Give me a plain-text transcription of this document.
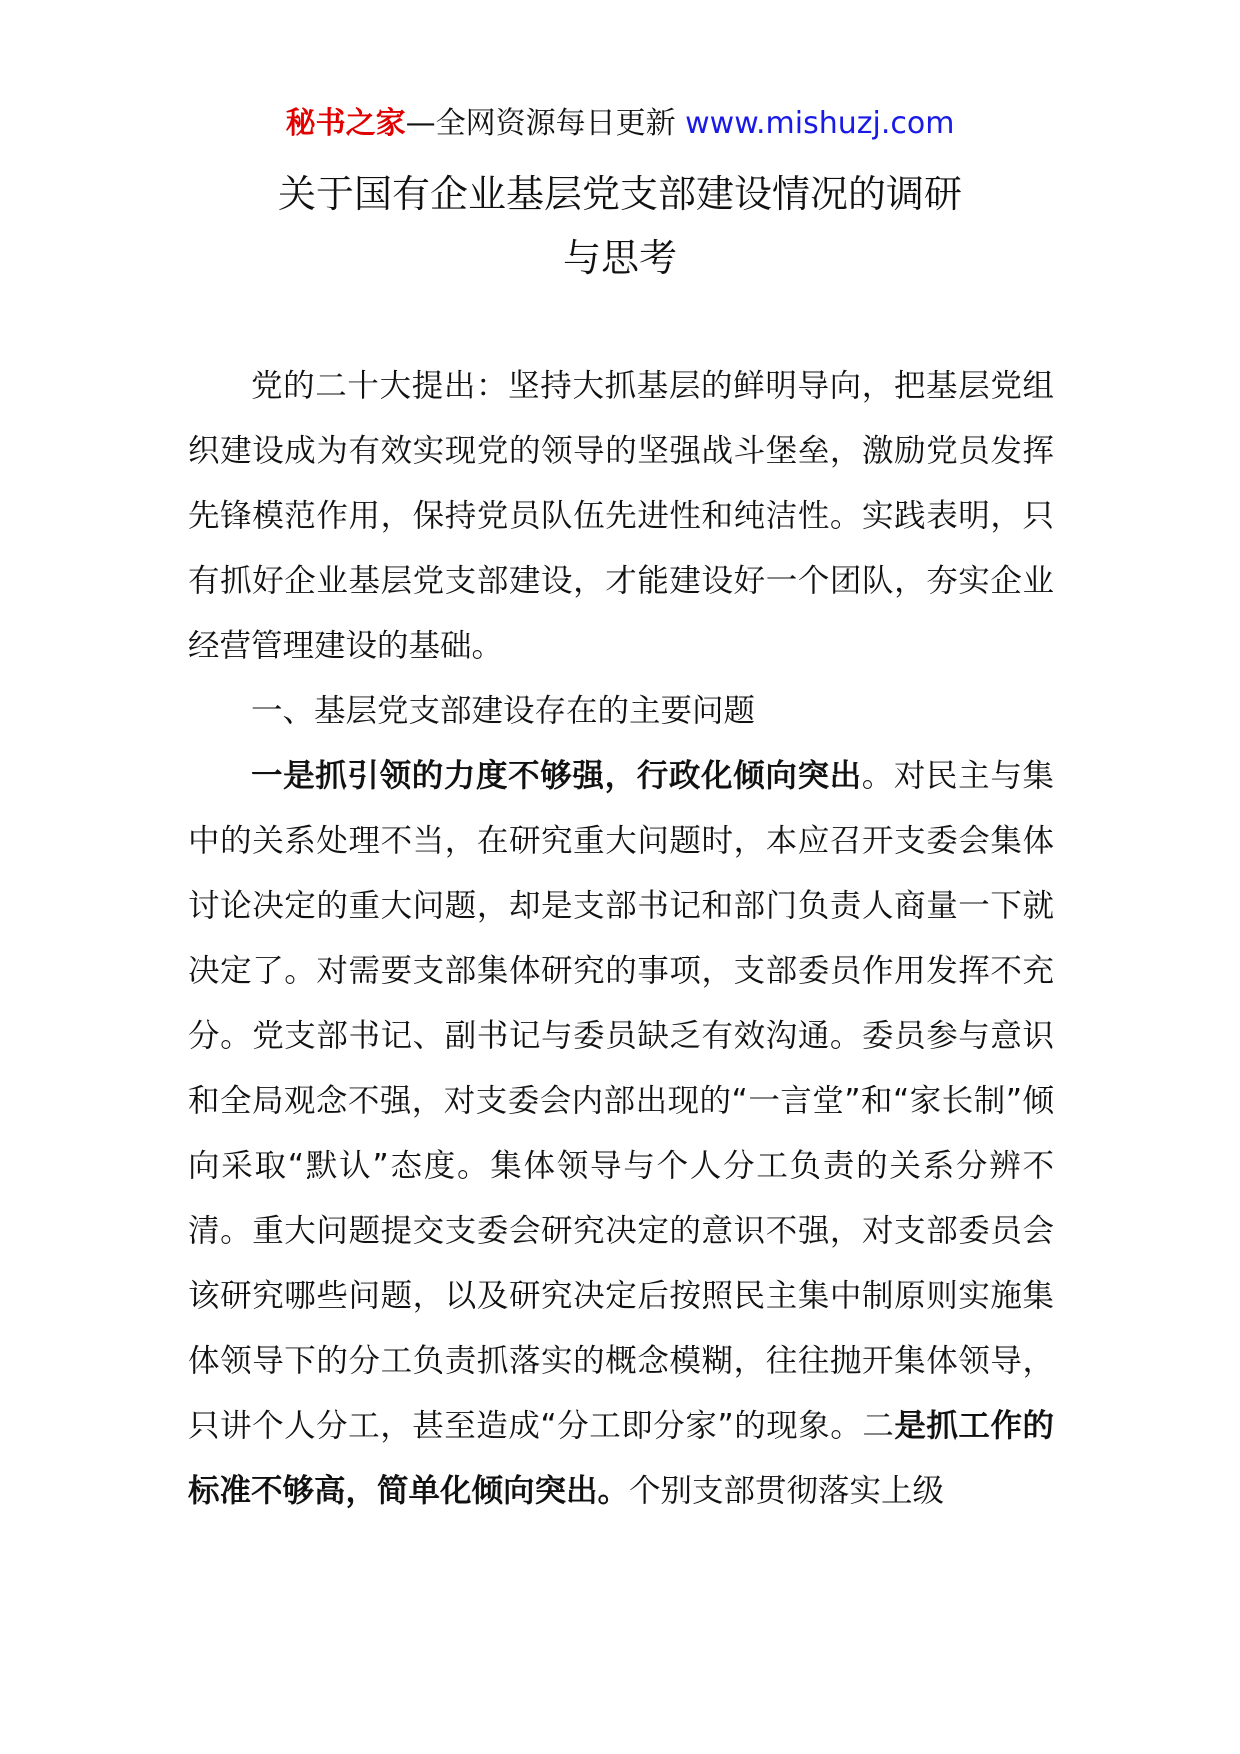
秘书之家—全网资源每日更新 www.mishuzj.com
关于国有企业基层党支部建设情况的调研
与思考

党的二十大提出：坚持大抓基层的鲜明导向，把基层党组织建设成为有效实现党的领导的坚强战斗堡垒，激励党员发挥先锋模范作用，保持党员队伍先进性和纯洁性。实践表明，只有抓好企业基层党支部建设，才能建设好一个团队，夯实企业经营管理建设的基础。

一、基层党支部建设存在的主要问题

一是抓引领的力度不够强，行政化倾向突出。对民主与集中的关系处理不当，在研究重大问题时，本应召开支委会集体讨论决定的重大问题，却是支部书记和部门负责人商量一下就决定了。对需要支部集体研究的事项，支部委员作用发挥不充分。党支部书记、副书记与委员缺乏有效沟通。委员参与意识和全局观念不强，对支委会内部出现的“一言堂”和“家长制”倾向采取“默认”态度。集体领导与个人分工负责的关系分辨不清。重大问题提交支委会研究决定的意识不强，对支部委员会该研究哪些问题，以及研究决定后按照民主集中制原则实施集体领导下的分工负责抓落实的概念模糊，往往抛开集体领导，只讲个人分工，甚至造成“分工即分家”的现象。二是抓工作的标准不够高，简单化倾向突出。个别支部贯彻落实上级
